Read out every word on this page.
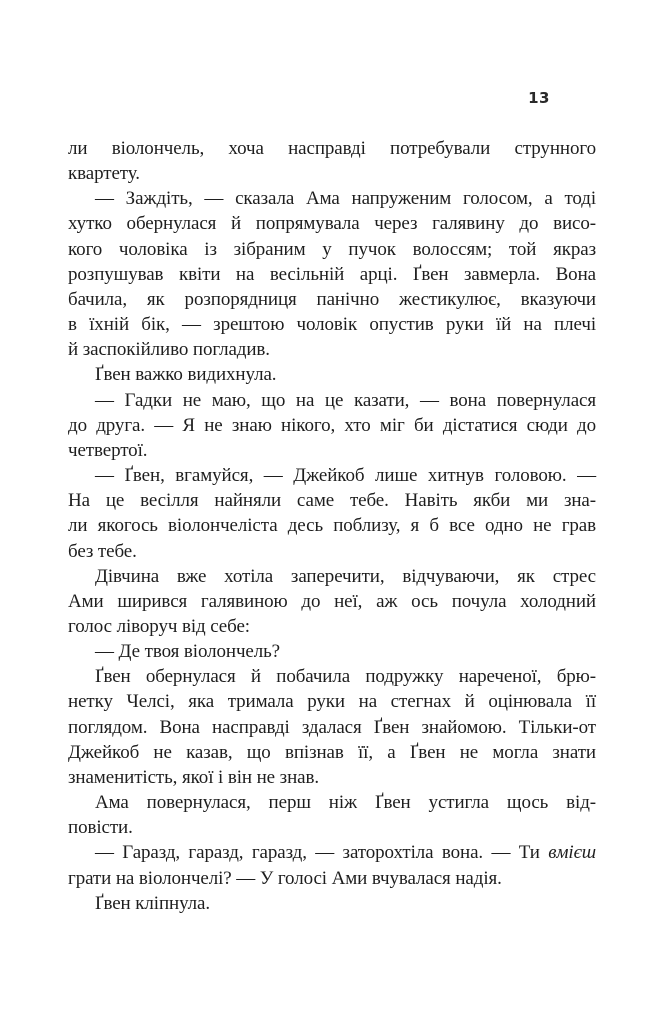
13
ли віолончель, хоча насправді потребували струнного
квартету.
— Заждіть, — сказала Ама напруженим голосом, а тоді
хутко обернулася й попрямувала через галявину до висо-
кого чоловіка із зібраним у пучок волоссям; той якраз
розпушував квіти на весільній арці. Ґвен завмерла. Вона
бачила, як розпорядниця панічно жестикулює, вказуючи
в їхній бік, — зрештою чоловік опустив руки їй на плечі
й заспокійливо погладив.
Ґвен важко видихнула.
— Гадки не маю, що на це казати, — вона повернулася
до друга. — Я не знаю нікого, хто міг би дістатися сюди до
четвертої.
— Ґвен, вгамуйся, — Джейкоб лише хитнув головою. —
На це весілля найняли саме тебе. Навіть якби ми зна-
ли якогось віолончеліста десь поблизу, я б все одно не грав
без тебе.
Дівчина вже хотіла заперечити, відчуваючи, як стрес
Ами ширився галявиною до неї, аж ось почула холодний
голос ліворуч від себе:
— Де твоя віолончель?
Ґвен обернулася й побачила подружку нареченої, брю-
нетку Челсі, яка тримала руки на стегнах й оцінювала її
поглядом. Вона насправді здалася Ґвен знайомою. Тільки-от
Джейкоб не казав, що впізнав її, а Ґвен не могла знати
знаменитість, якої і він не знав.
Ама повернулася, перш ніж Ґвен устигла щось від-
повісти.
— Гаразд, гаразд, гаразд, — заторохтіла вона. — Ти вмієш
грати на віолончелі? — У голосі Ами вчувалася надія.
Ґвен кліпнула.
